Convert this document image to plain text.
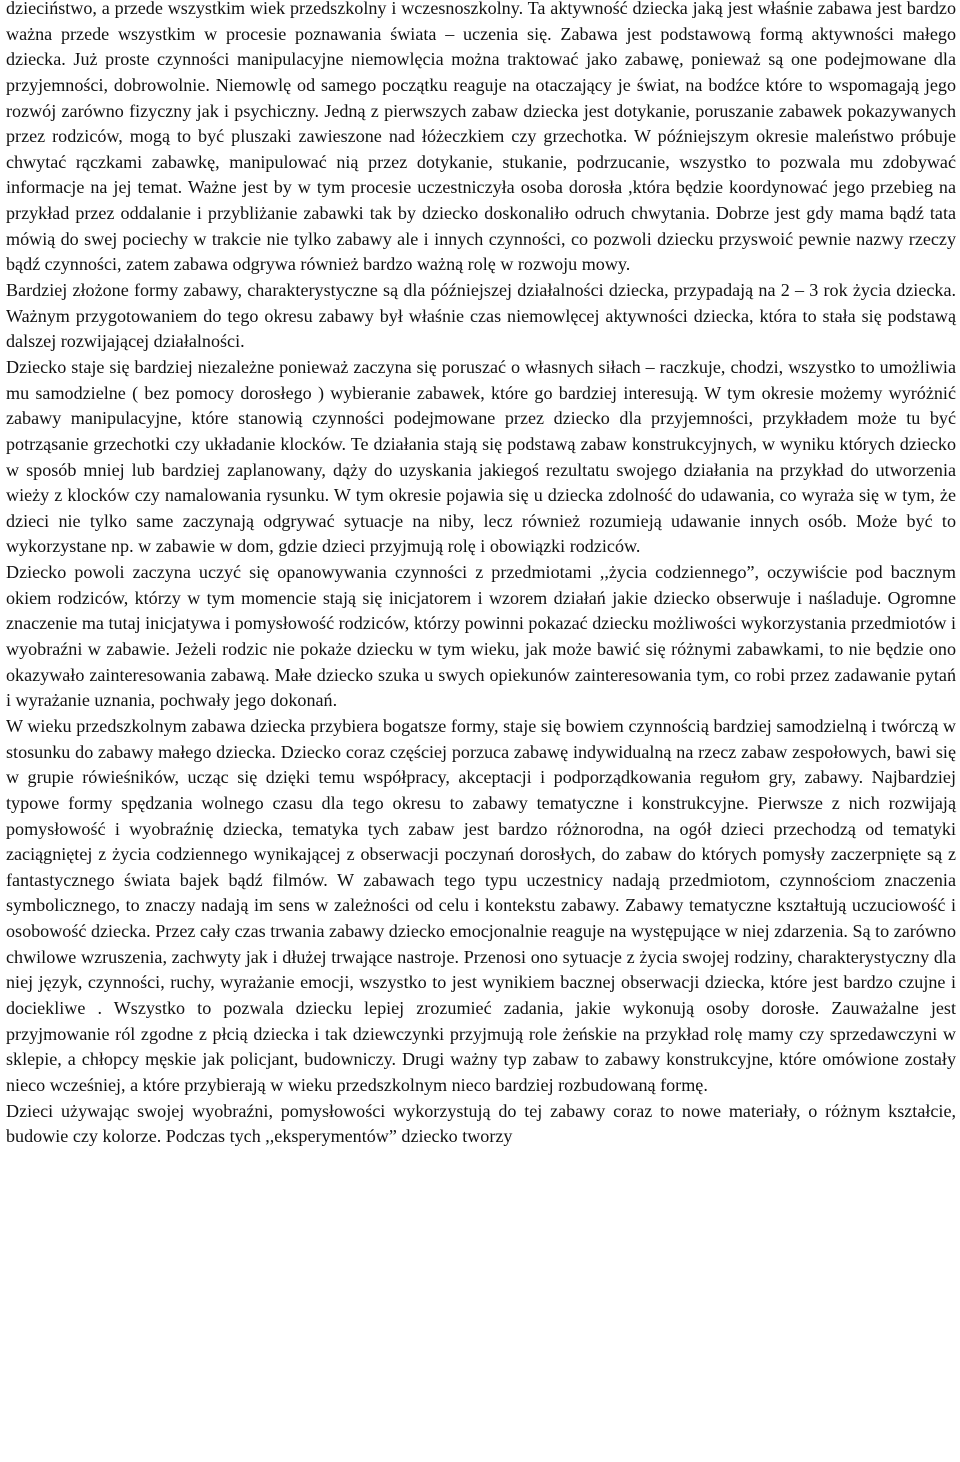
dzieciństwo, a przede wszystkim wiek przedszkolny i wczesnoszkolny. Ta aktywność dziecka jaką jest właśnie zabawa jest bardzo ważna przede wszystkim w procesie poznawania świata – uczenia się. Zabawa jest podstawową formą aktywności małego dziecka. Już proste czynności manipulacyjne niemowlęcia można traktować jako zabawę, ponieważ są one podejmowane dla przyjemności, dobrowolnie. Niemowlę od samego początku reaguje na otaczający je świat, na bodźce które to wspomagają jego rozwój zarówno fizyczny jak i psychiczny. Jedną z pierwszych zabaw dziecka jest dotykanie, poruszanie zabawek pokazywanych przez rodziców, mogą to być pluszaki zawieszone nad łóżeczkiem czy grzechotka. W późniejszym okresie maleństwo próbuje chwytać rączkami zabawkę, manipulować nią przez dotykanie, stukanie, podrzucanie, wszystko to pozwala mu zdobywać informacje na jej temat. Ważne jest by w tym procesie uczestniczyła osoba dorosła ,która będzie koordynować jego przebieg na przykład przez oddalanie i przybliżanie zabawki tak by dziecko doskonaliło odruch chwytania. Dobrze jest gdy mama bądź tata mówią do swej pociechy w trakcie nie tylko zabawy ale i innych czynności, co pozwoli dziecku przyswoić pewnie nazwy rzeczy bądź czynności, zatem zabawa odgrywa również bardzo ważną rolę w rozwoju mowy.

Bardziej złożone formy zabawy, charakterystyczne są dla późniejszej działalności dziecka, przypadają na 2 – 3 rok życia dziecka. Ważnym przygotowaniem do tego okresu zabawy był właśnie czas niemowlęcej aktywności dziecka, która to stała się podstawą dalszej rozwijającej działalności.

Dziecko staje się bardziej niezależne ponieważ zaczyna się poruszać o własnych siłach – raczkuje, chodzi, wszystko to umożliwia mu samodzielne ( bez pomocy dorosłego ) wybieranie zabawek, które go bardziej interesują. W tym okresie możemy wyróżnić zabawy manipulacyjne, które stanowią czynności podejmowane przez dziecko dla przyjemności, przykładem może tu być potrząsanie grzechotki czy układanie klocków. Te działania stają się podstawą zabaw konstrukcyjnych, w wyniku których dziecko w sposób mniej lub bardziej zaplanowany, dąży do uzyskania jakiegoś rezultatu swojego działania na przykład do utworzenia wieży z klocków czy namalowania rysunku. W tym okresie pojawia się u dziecka zdolność do udawania, co wyraża się w tym, że dzieci nie tylko same zaczynają odgrywać sytuacje na niby, lecz również rozumieją udawanie innych osób. Może być to wykorzystane np. w zabawie w dom, gdzie dzieci przyjmują rolę i obowiązki rodziców.

Dziecko powoli zaczyna uczyć się opanowywania czynności z przedmiotami ,,życia codziennego”, oczywiście pod bacznym okiem rodziców, którzy w tym momencie stają się inicjatorem i wzorem działań jakie dziecko obserwuje i naśladuje. Ogromne znaczenie ma tutaj inicjatywa i pomysłowość rodziców, którzy powinni pokazać dziecku możliwości wykorzystania przedmiotów i wyobraźni w zabawie. Jeżeli rodzic nie pokaże dziecku w tym wieku, jak może bawić się różnymi zabawkami, to nie będzie ono okazywało zainteresowania zabawą. Małe dziecko szuka u swych opiekunów zainteresowania tym, co robi przez zadawanie pytań i wyrażanie uznania, pochwały jego dokonań.

W wieku przedszkolnym zabawa dziecka przybiera bogatsze formy, staje się bowiem czynnością bardziej samodzielną i twórczą w stosunku do zabawy małego dziecka. Dziecko coraz częściej porzuca zabawę indywidualną na rzecz zabaw zespołowych, bawi się w grupie rówieśników, ucząc się dzięki temu współpracy, akceptacji i podporządkowania regułom gry, zabawy. Najbardziej typowe formy spędzania wolnego czasu dla tego okresu to zabawy tematyczne i konstrukcyjne. Pierwsze z nich rozwijają pomysłowość i wyobraźnię dziecka, tematyka tych zabaw jest bardzo różnorodna, na ogół dzieci przechodzą od tematyki zaciągniętej z życia codziennego wynikającej z obserwacji poczynań dorosłych, do zabaw do których pomysły zaczerpnięte są z fantastycznego świata bajek bądź filmów. W zabawach tego typu uczestnicy nadają przedmiotom, czynnościom znaczenia symbolicznego, to znaczy nadają im sens w zależności od celu i kontekstu zabawy. Zabawy tematyczne kształtują uczuciowość i osobowość dziecka. Przez cały czas trwania zabawy dziecko emocjonalnie reaguje na występujące w niej zdarzenia. Są to zarówno chwilowe wzruszenia, zachwyty jak i dłużej trwające nastroje. Przenosi ono sytuacje z życia swojej rodziny, charakterystyczny dla niej język, czynności, ruchy, wyrażanie emocji, wszystko to jest wynikiem bacznej obserwacji dziecka, które jest bardzo czujne i dociekliwe . Wszystko to pozwala dziecku lepiej zrozumieć zadania, jakie wykonują osoby dorosłe. Zauważalne jest przyjmowanie ról zgodne z płcią dziecka i tak dziewczynki przyjmują role żeńskie na przykład rolę mamy czy sprzedawczyni w sklepie, a chłopcy męskie jak policjant, budowniczy. Drugi ważny typ zabaw to zabawy konstrukcyjne, które omówione zostały nieco wcześniej, a które przybierają w wieku przedszkolnym nieco bardziej rozbudowaną formę.

Dzieci używając swojej wyobraźni, pomysłowości wykorzystują do tej zabawy coraz to nowe materiały, o różnym kształcie, budowie czy kolorze. Podczas tych ,,eksperymentów” dziecko tworzy
